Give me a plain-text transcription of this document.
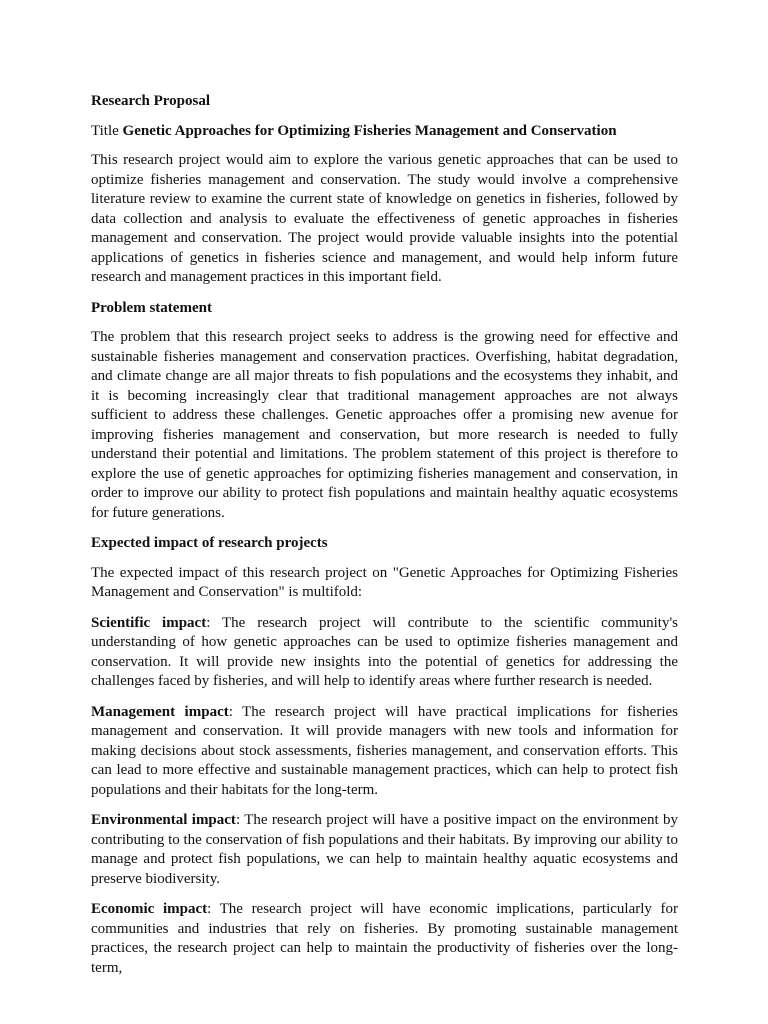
Research Proposal

Title Genetic Approaches for Optimizing Fisheries Management and Conservation

This research project would aim to explore the various genetic approaches that can be used to optimize fisheries management and conservation. The study would involve a comprehensive literature review to examine the current state of knowledge on genetics in fisheries, followed by data collection and analysis to evaluate the effectiveness of genetic approaches in fisheries management and conservation. The project would provide valuable insights into the potential applications of genetics in fisheries science and management, and would help inform future research and management practices in this important field.

Problem statement

The problem that this research project seeks to address is the growing need for effective and sustainable fisheries management and conservation practices. Overfishing, habitat degradation, and climate change are all major threats to fish populations and the ecosystems they inhabit, and it is becoming increasingly clear that traditional management approaches are not always sufficient to address these challenges. Genetic approaches offer a promising new avenue for improving fisheries management and conservation, but more research is needed to fully understand their potential and limitations. The problem statement of this project is therefore to explore the use of genetic approaches for optimizing fisheries management and conservation, in order to improve our ability to protect fish populations and maintain healthy aquatic ecosystems for future generations.

Expected impact of research projects

The expected impact of this research project on "Genetic Approaches for Optimizing Fisheries Management and Conservation" is multifold:

Scientific impact: The research project will contribute to the scientific community's understanding of how genetic approaches can be used to optimize fisheries management and conservation. It will provide new insights into the potential of genetics for addressing the challenges faced by fisheries, and will help to identify areas where further research is needed.

Management impact: The research project will have practical implications for fisheries management and conservation. It will provide managers with new tools and information for making decisions about stock assessments, fisheries management, and conservation efforts. This can lead to more effective and sustainable management practices, which can help to protect fish populations and their habitats for the long-term.

Environmental impact: The research project will have a positive impact on the environment by contributing to the conservation of fish populations and their habitats. By improving our ability to manage and protect fish populations, we can help to maintain healthy aquatic ecosystems and preserve biodiversity.

Economic impact: The research project will have economic implications, particularly for communities and industries that rely on fisheries. By promoting sustainable management practices, the research project can help to maintain the productivity of fisheries over the long-term,
